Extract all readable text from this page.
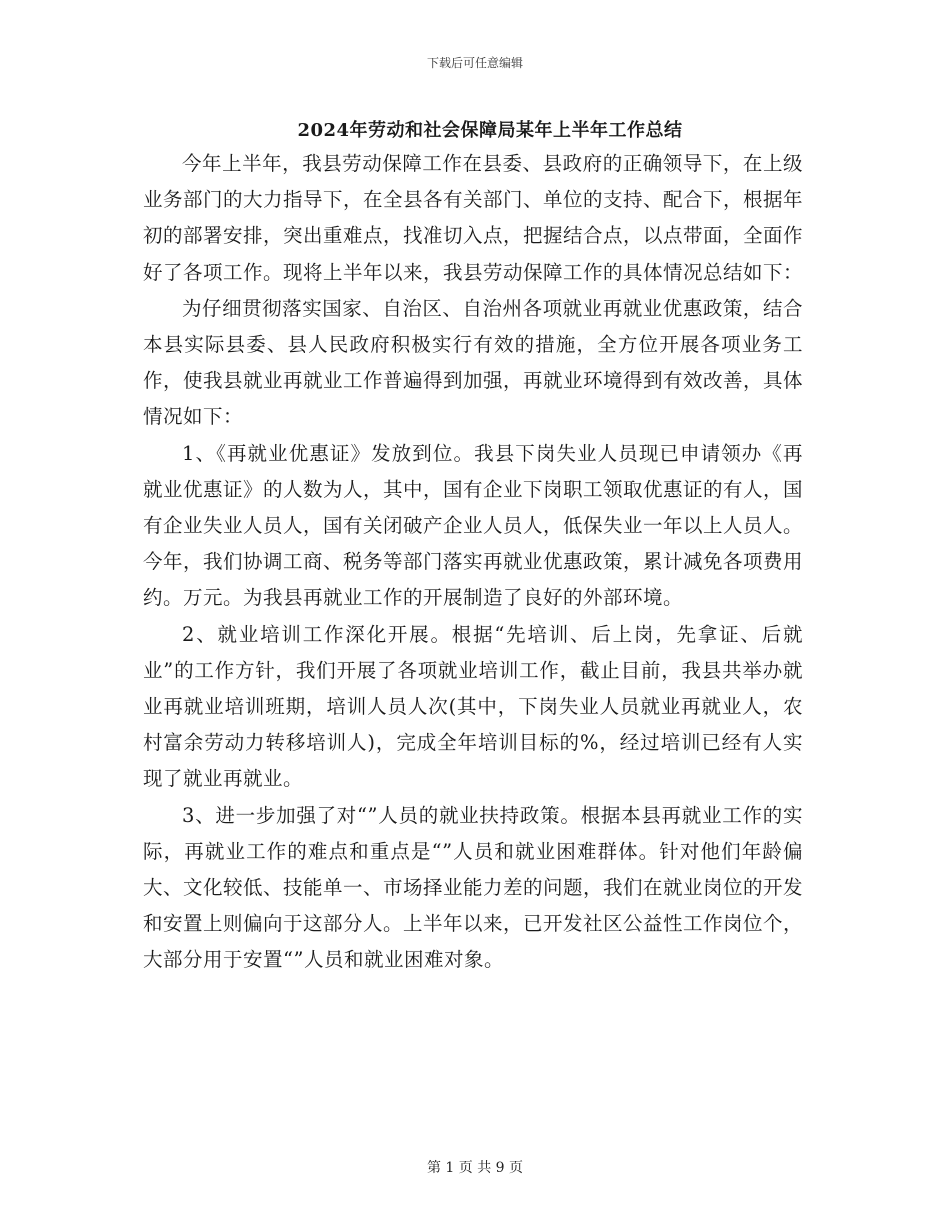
下载后可任意编辑
2024年劳动和社会保障局某年上半年工作总结

今年上半年，我县劳动保障工作在县委、县政府的正确领导下，在上级业务部门的大力指导下，在全县各有关部门、单位的支持、配合下，根据年初的部署安排，突出重难点，找准切入点，把握结合点，以点带面，全面作好了各项工作。现将上半年以来，我县劳动保障工作的具体情况总结如下：

为仔细贯彻落实国家、自治区、自治州各项就业再就业优惠政策，结合本县实际县委、县人民政府积极实行有效的措施，全方位开展各项业务工作，使我县就业再就业工作普遍得到加强，再就业环境得到有效改善，具体情况如下：

1、《再就业优惠证》发放到位。我县下岗失业人员现已申请领办《再就业优惠证》的人数为人，其中，国有企业下岗职工领取优惠证的有人，国有企业失业人员人，国有关闭破产企业人员人，低保失业一年以上人员人。今年，我们协调工商、税务等部门落实再就业优惠政策，累计减免各项费用约。万元。为我县再就业工作的开展制造了良好的外部环境。

2、就业培训工作深化开展。根据“先培训、后上岗，先拿证、后就业”的工作方针，我们开展了各项就业培训工作，截止目前，我县共举办就业再就业培训班期，培训人员人次(其中，下岗失业人员就业再就业人，农村富余劳动力转移培训人)，完成全年培训目标的%，经过培训已经有人实现了就业再就业。

3、进一步加强了对“”人员的就业扶持政策。根据本县再就业工作的实际，再就业工作的难点和重点是“”人员和就业困难群体。针对他们年龄偏大、文化较低、技能单一、市场择业能力差的问题，我们在就业岗位的开发和安置上则偏向于这部分人。上半年以来，已开发社区公益性工作岗位个，大部分用于安置“”人员和就业困难对象。

第 1 页 共 9 页
